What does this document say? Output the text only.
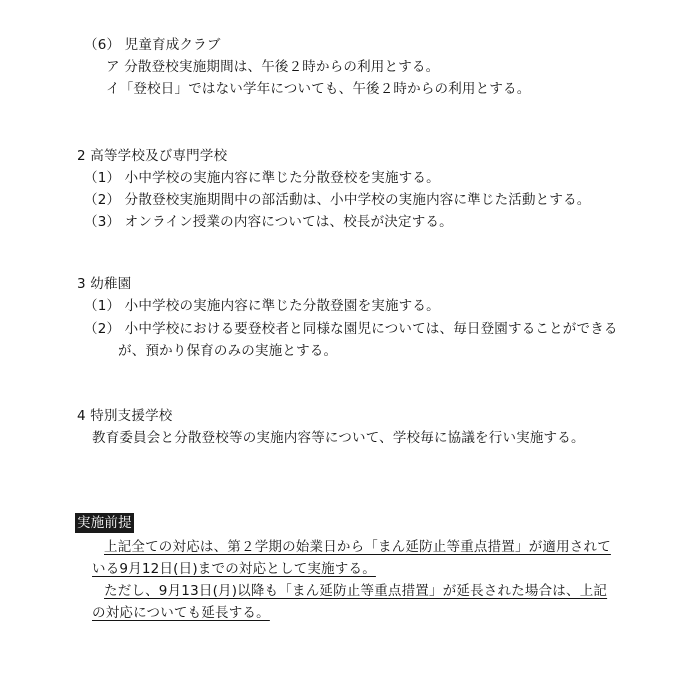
（6） 児童育成クラブ
ア 分散登校実施期間は、午後２時からの利用とする。
イ「登校日」ではない学年についても、午後２時からの利用とする。
2 高等学校及び専門学校
（1） 小中学校の実施内容に準じた分散登校を実施する。
（2） 分散登校実施期間中の部活動は、小中学校の実施内容に準じた活動とする。
（3） オンライン授業の内容については、校長が決定する。
3 幼稚園
（1） 小中学校の実施内容に準じた分散登園を実施する。
（2） 小中学校における要登校者と同様な園児については、毎日登園することができる
が、預かり保育のみの実施とする。
4 特別支援学校
教育委員会と分散登校等の実施内容等について、学校毎に協議を行い実施する。
実施前提
上記全ての対応は、第２学期の始業日から「まん延防止等重点措置」が適用されて
いる9月12日(日)までの対応として実施する。
ただし、9月13日(月)以降も「まん延防止等重点措置」が延長された場合は、上記
の対応についても延長する。
